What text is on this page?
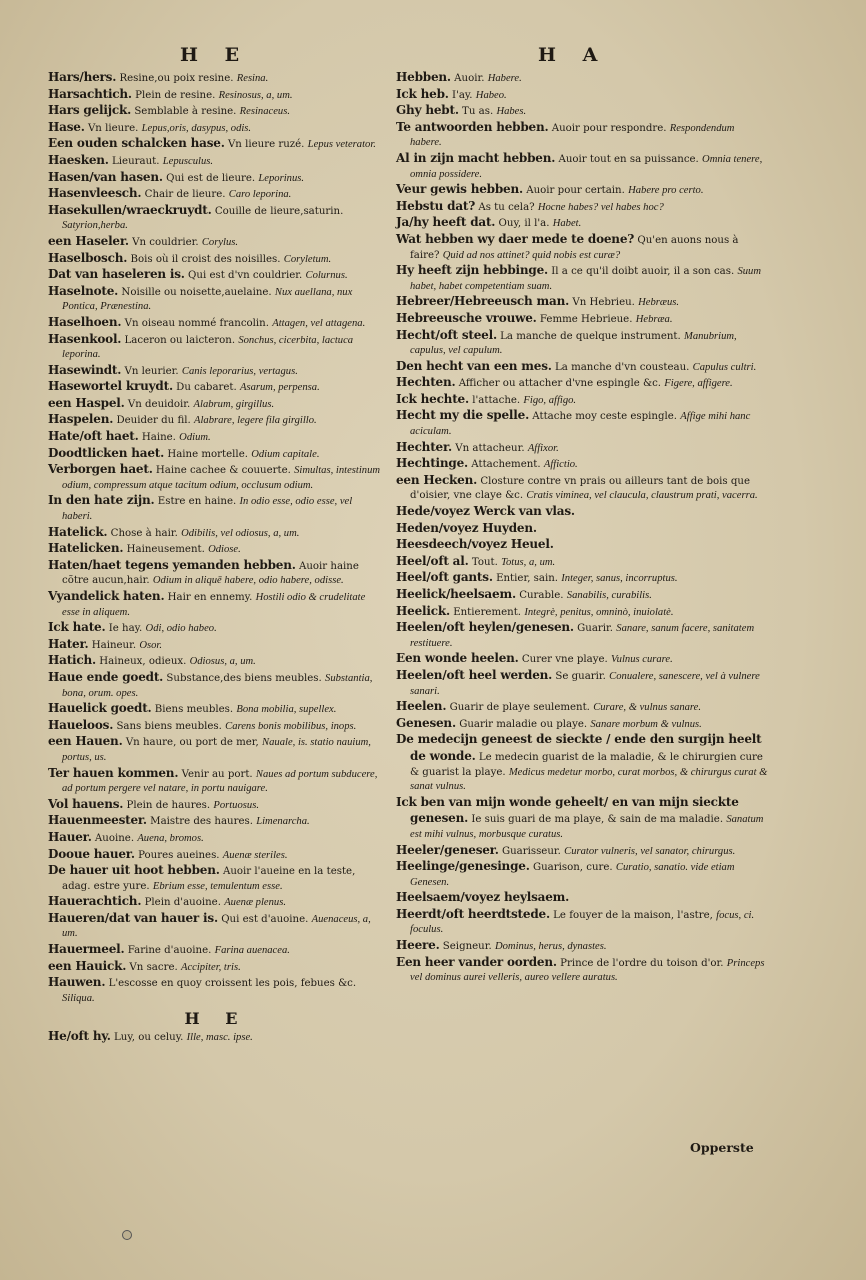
H E	H A

Hars/hers. Resine,ou poix resine. Resina.

Harsachtich. Plein de resine. Resinosus, a, um.

Hars gelijck. Semblable à resine. Resinaceus.

Hase. Vn lieure. Lepus,oris, dasypus, odis.

Een ouden schalcken hase. Vn lieure ruzé. Lepus veterator.

Haesken. Lieuraut. Lepusculus.

Hasen/van hasen. Qui est de lieure. Leporinus.

Hasenvleesch. Chair de lieure. Caro leporina.

Hasekullen/wraeckruydt. Couille de lieure,saturin. Satyrion,herba.

een Haseler. Vn couldrier. Corylus.

Haselbosch. Bois où il croist des noisilles. Coryletum.

Dat van haseleren is. Qui est d'vn couldrier. Colurnus.

Haselnote. Noisille ou noisette,auelaine. Nux auellana, nux Pontica, Prænestina.

Haselhoen. Vn oiseau nommé francolin. Attagen, vel attagena.

Hasenkool. Laceron ou laicteron. Sonchus, cicerbita, lactuca leporina.

Hasewindt. Vn leurier. Canis leporarius, vertagus.

Hasewortel kruydt. Du cabaret. Asarum, perpensa.

een Haspel. Vn deuidoir. Alabrum, girgillus.

Haspelen. Deuider du fil. Alabrare, legere fila girgillo.

Hate/oft haet. Haine. Odium.

Doodtlicken haet. Haine mortelle. Odium capitale.

Verborgen haet. Haine cachee & couuerte. Simultas, intestinum odium, compressum atque tacitum odium, occlusum odium.

In den hate zijn. Estre en haine. In odio esse, odio esse, vel haberi.

Hatelick. Chose à hair. Odibilis, vel odiosus, a, um.

Hatelicken. Haineusement. Odiose.

Haten/haet tegens yemanden hebben. Auoir haine cõtre aucun,hair. Odium in aliquē habere, odio habere, odisse.

Vyandelick haten. Hair en ennemy. Hostili odio & crudelitate esse in aliquem.

Ick hate. Ie hay. Odi, odio habeo.

Hater. Haineur. Osor.

Hatich. Haineux, odieux. Odiosus, a, um.

Haue ende goedt. Substance,des biens meubles. Substantia, bona, orum. opes.

Hauelick goedt. Biens meubles. Bona mobilia, supellex.

Haueloos. Sans biens meubles. Carens bonis mobilibus, inops.

een Hauen. Vn haure, ou port de mer, Nauale, is. statio nauium, portus, us.

Ter hauen kommen. Venir au port. Naues ad portum subducere, ad portum pergere vel natare, in portu nauigare.

Vol hauens. Plein de haures. Portuosus.

Hauenmeester. Maistre des haures. Limenarcha.

Hauer. Auoine. Auena, bromos.

Dooue hauer. Poures aueines. Auenæ steriles.

De hauer uit hoot hebben. Auoir l'aueine en la teste, adag. estre yure. Ebrium esse, temulentum esse.

Hauerachtich. Plein d'auoine. Auenæ plenus.

Haueren/dat van hauer is. Qui est d'auoine. Auenaceus, a, um.

Hauermeel. Farine d'auoine. Farina auenacea.

een Hauick. Vn sacre. Accipiter, tris.

Hauwen. L'escosse en quoy croissent les pois, febues &c. Siliqua.

H E

He/oft hy. Luy, ou celuy. Ille, masc. ipse.

Hebben. Auoir. Habere.

Ick heb. I'ay. Habeo.

Ghy hebt. Tu as. Habes.

Te antwoorden hebben. Auoir pour respondre. Respondendum habere.

Al in zijn macht hebben. Auoir tout en sa puissance. Omnia tenere, omnia possidere.

Veur gewis hebben. Auoir pour certain. Habere pro certo.

Hebstu dat? As tu cela? Hocne habes? vel habes hoc?

Ja/hy heeft dat. Ouy, il l'a. Habet.

Wat hebben wy daer mede te doene? Qu'en auons nous à faire? Quid ad nos attinet? quid nobis est curæ?

Hy heeft zijn hebbinge. Il a ce qu'il doibt auoir, il a son cas. Suum habet, habet competentiam suam.

Hebreer/Hebreeusch man. Vn Hebrieu. Hebræus.

Hebreeusche vrouwe. Femme Hebrieue. Hebræa.

Hecht/oft steel. La manche de quelque instrument. Manubrium, capulus, vel capulum.

Den hecht van een mes. La manche d'vn cousteau. Capulus cultri.

Hechten. Afficher ou attacher d'vne espingle &c. Figere, affigere.

Ick hechte. l'attache. Figo, affigo.

Hecht my die spelle. Attache moy ceste espingle. Affige mihi hanc aciculam.

Hechter. Vn attacheur. Affixor.

Hechtinge. Attachement. Affictio.

een Hecken. Closture contre vn prais ou ailleurs tant de bois que d'oisier, vne claye &c. Cratis viminea, vel claucula, claustrum prati, vacerra.

Hede/voyez Werck van vlas.

Heden/voyez Huyden.

Heesdeech/voyez Heuel.

Heel/oft al. Tout. Totus, a, um.

Heel/oft gants. Entier, sain. Integer, sanus, incorruptus.

Heelick/heelsaem. Curable. Sanabilis, curabilis.

Heelick. Entierement. Integrè, penitus, omninò, inuiolatè.

Heelen/oft heylen/genesen. Guarir. Sanare, sanum facere, sanitatem restituere.

Een wonde heelen. Curer vne playe. Vulnus curare.

Heelen/oft heel werden. Se guarir. Conualere, sanescere, vel à vulnere sanari.

Heelen. Guarir de playe seulement. Curare, & vulnus sanare.

Genesen. Guarir maladie ou playe. Sanare morbum & vulnus.

De medecijn geneest de sieckte / ende den surgijn heelt de wonde. Le medecin guarist de la maladie, & le chirurgien cure & guarist la playe. Medicus medetur morbo, curat morbos, & chirurgus curat & sanat vulnus.

Ick ben van mijn wonde geheelt/ en van mijn sieckte genesen. Ie suis guari de ma playe, & sain de ma maladie. Sanatum est mihi vulnus, morbusque curatus.

Heeler/geneser. Guarisseur. Curator vulneris, vel sanator, chirurgus.

Heelinge/genesinge. Guarison, cure. Curatio, sanatio. vide etiam Genesen.

Heelsaem/voyez heylsaem.

Heerdt/oft heerdtstede. Le fouyer de la maison, l'astre, focus, ci. foculus.

Heere. Seigneur. Dominus, herus, dynastes.

Een heer vander oorden. Prince de l'ordre du toison d'or. Princeps vel dominus aurei velleris, aureo vellere auratus.

Opperste
